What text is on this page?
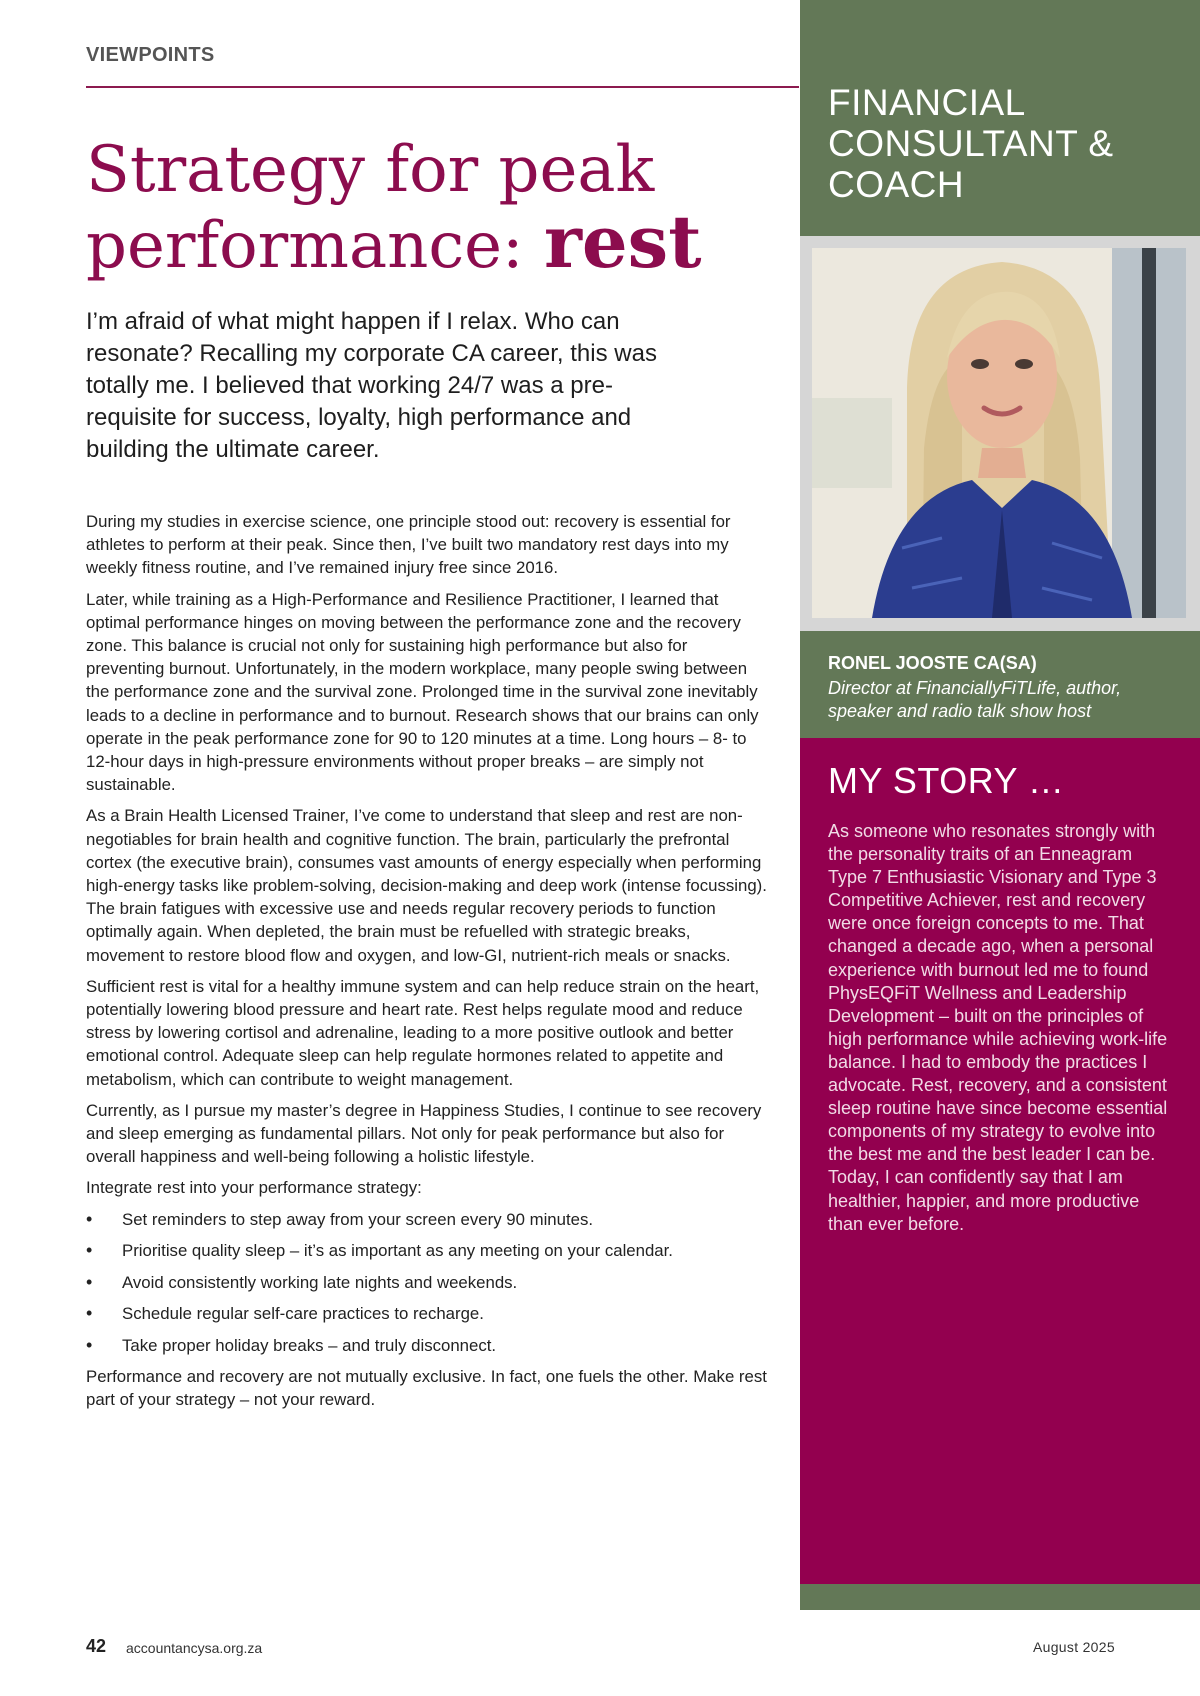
VIEWPOINTS
Strategy for peak
performance: rest

I’m afraid of what might happen if I relax. Who can resonate? Recalling my corporate CA career, this was totally me. I believed that working 24/7 was a pre-requisite for success, loyalty, high performance and building the ultimate career.

During my studies in exercise science, one principle stood out: recovery is essential for athletes to perform at their peak. Since then, I’ve built two mandatory rest days into my weekly fitness routine, and I’ve remained injury free since 2016.

Later, while training as a High-Performance and Resilience Practitioner, I learned that optimal performance hinges on moving between the performance zone and the recovery zone. This balance is crucial not only for sustaining high performance but also for preventing burnout. Unfortunately, in the modern workplace, many people swing between the performance zone and the survival zone. Prolonged time in the survival zone inevitably leads to a decline in performance and to burnout. Research shows that our brains can only operate in the peak performance zone for 90 to 120 minutes at a time. Long hours – 8- to 12-hour days in high-pressure environments without proper breaks – are simply not sustainable.

As a Brain Health Licensed Trainer, I’ve come to understand that sleep and rest are non-negotiables for brain health and cognitive function. The brain, particularly the prefrontal cortex (the executive brain), consumes vast amounts of energy especially when performing high-energy tasks like problem-solving, decision-making and deep work (intense focussing). The brain fatigues with excessive use and needs regular recovery periods to function optimally again. When depleted, the brain must be refuelled with strategic breaks, movement to restore blood flow and oxygen, and low-GI, nutrient-rich meals or snacks.

Sufficient rest is vital for a healthy immune system and can help reduce strain on the heart, potentially lowering blood pressure and heart rate. Rest helps regulate mood and reduce stress by lowering cortisol and adrenaline, leading to a more positive outlook and better emotional control. Adequate sleep can help regulate hormones related to appetite and metabolism, which can contribute to weight management.

Currently, as I pursue my master’s degree in Happiness Studies, I continue to see recovery and sleep emerging as fundamental pillars. Not only for peak performance but also for overall happiness and well-being following a holistic lifestyle.

Integrate rest into your performance strategy:

• Set reminders to step away from your screen every 90 minutes.
• Prioritise quality sleep – it’s as important as any meeting on your calendar.
• Avoid consistently working late nights and weekends.
• Schedule regular self-care practices to recharge.
• Take proper holiday breaks – and truly disconnect.

Performance and recovery are not mutually exclusive. In fact, one fuels the other. Make rest part of your strategy – not your reward.

FINANCIAL CONSULTANT & COACH
RONEL JOOSTE CA(SA)
Director at FinanciallyFiTLife, author, speaker and radio talk show host
MY STORY …

As someone who resonates strongly with the personality traits of an Enneagram Type 7 Enthusiastic Visionary and Type 3 Competitive Achiever, rest and recovery were once foreign concepts to me. That changed a decade ago, when a personal experience with burnout led me to found PhysEQFiT Wellness and Leadership Development – built on the principles of high performance while achieving work-life balance. I had to embody the practices I advocate. Rest, recovery, and a consistent sleep routine have since become essential components of my strategy to evolve into the best me and the best leader I can be. Today, I can confidently say that I am healthier, happier, and more productive than ever before.

42 accountancysa.org.za	August 2025
